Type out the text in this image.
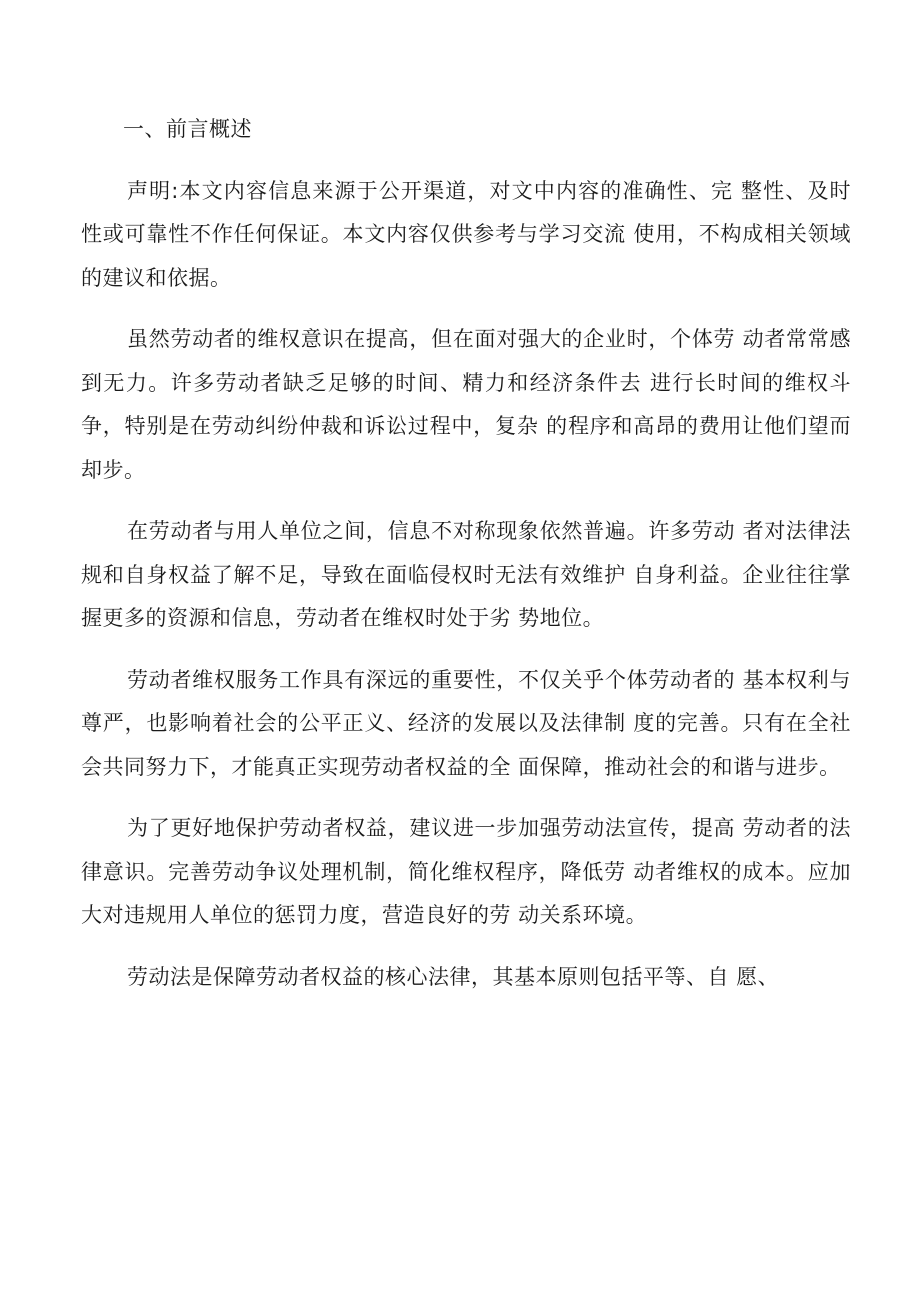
一、前言概述

声明:本文内容信息来源于公开渠道，对文中内容的准确性、完 整性、及时性或可靠性不作任何保证。本文内容仅供参考与学习交流 使用，不构成相关领域的建议和依据。

虽然劳动者的维权意识在提高，但在面对强大的企业时，个体劳 动者常常感到无力。许多劳动者缺乏足够的时间、精力和经济条件去 进行长时间的维权斗争，特别是在劳动纠纷仲裁和诉讼过程中，复杂 的程序和高昂的费用让他们望而却步。

在劳动者与用人单位之间，信息不对称现象依然普遍。许多劳动 者对法律法规和自身权益了解不足，导致在面临侵权时无法有效维护 自身利益。企业往往掌握更多的资源和信息，劳动者在维权时处于劣 势地位。

劳动者维权服务工作具有深远的重要性，不仅关乎个体劳动者的 基本权利与尊严，也影响着社会的公平正义、经济的发展以及法律制 度的完善。只有在全社会共同努力下，才能真正实现劳动者权益的全 面保障，推动社会的和谐与进步。

为了更好地保护劳动者权益，建议进一步加强劳动法宣传，提高 劳动者的法律意识。完善劳动争议处理机制，简化维权程序，降低劳 动者维权的成本。应加大对违规用人单位的惩罚力度，营造良好的劳 动关系环境。

劳动法是保障劳动者权益的核心法律，其基本原则包括平等、自 愿、
